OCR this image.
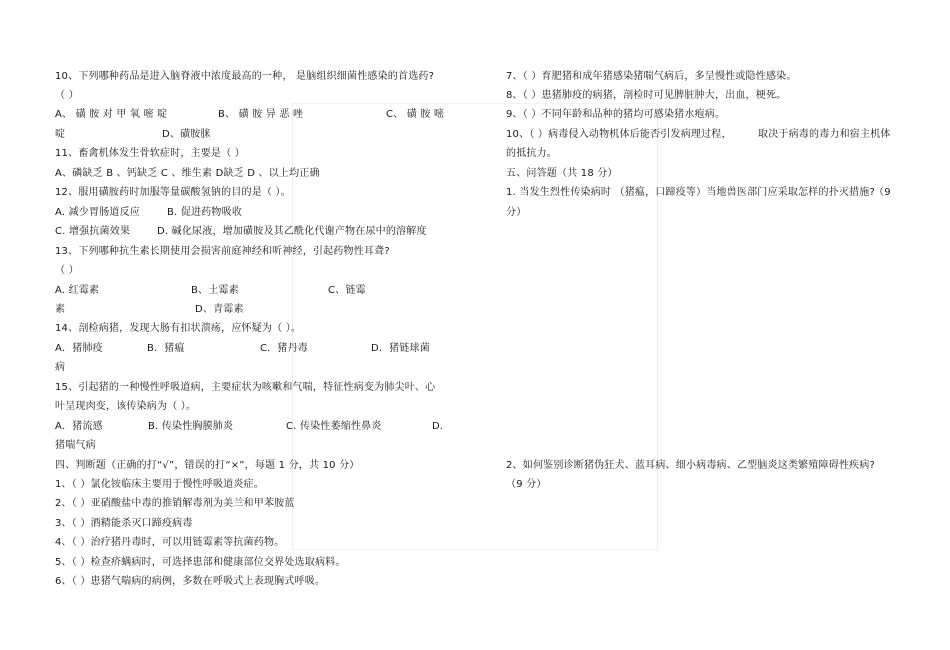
10、下列哪种药品是进入脑脊液中浓度最高的一种， 是脑组织细菌性感染的首选药?
（ ）
A、 磺 胺 对 甲 氧 嘧 啶	B、 磺 胺 异 恶 唑	C、 磺 胺 嘧
啶	D、磺胺脒
11、畜禽机体发生骨软症时，主要是（ ）
A、磷缺乏 B 、钙缺乏 C 、维生素 D缺乏 D 、以上均正确
12、服用磺胺药时加服等量碳酸氢钠的目的是（ ）。
A. 减少胃肠道反应	B. 促进药物吸收
C. 增强抗菌效果	D. 碱化尿液，增加磺胺及其乙酰化代谢产物在尿中的溶解度
13、下列哪种抗生素长期使用会损害前庭神经和听神经，引起药物性耳聋?
（ ）
A. 红霉素	B、土霉素	C、链霉
素	D、青霉素
14、剖检病猪，发现大肠有扣状溃疡，应怀疑为（ ）。
A．猪肺疫	B．猪瘟	C．猪丹毒	D．猪链球菌
病
15、引起猪的一种慢性呼吸道病，主要症状为咳嗽和气喘，特征性病变为肺尖叶、心
叶呈现肉变，该传染病为（ ）。
A．猪流感	B. 传染性胸膜肺炎	C. 传染性萎缩性鼻炎	D.
猪喘气病
四、判断题（正确的打“√”，错误的打“×”，每题 1 分，共 10 分）
1、（ ）氯化铵临床主要用于慢性呼吸道炎症。
2、（ ）亚硝酸盐中毒的推销解毒剂为美兰和甲苯胺蓝
3、（ ）酒精能杀灭口蹄疫病毒
4、（ ）治疗猪丹毒时，可以用链霉素等抗菌药物。
5、（ ）检查疥螨病时，可选择患部和健康部位交界处选取病料。
6、（ ）患猪气喘病的病例，多数在呼吸式上表现胸式呼吸。
7、（ ）育肥猪和成年猪感染猪喘气病后，多呈慢性或隐性感染。
8、（ ）患猪肺疫的病猪，剖检时可见脾脏肿大，出血，梗死。
9、（ ）不同年龄和品种的猪均可感染猪水疱病。
10、（ ）病毒侵入动物机体后能否引发病理过程，	取决于病毒的毒力和宿主机体
的抵抗力。
五、问答题（共 18 分）
1. 当发生烈性传染病时 （猪瘟，口蹄疫等）当地兽医部门应采取怎样的扑灭措施?
（9
分）
2、如何鉴别诊断猪伪狂犬、蓝耳病、细小病毒病、乙型脑炎这类繁殖障碍性疾病?
（9 分）
